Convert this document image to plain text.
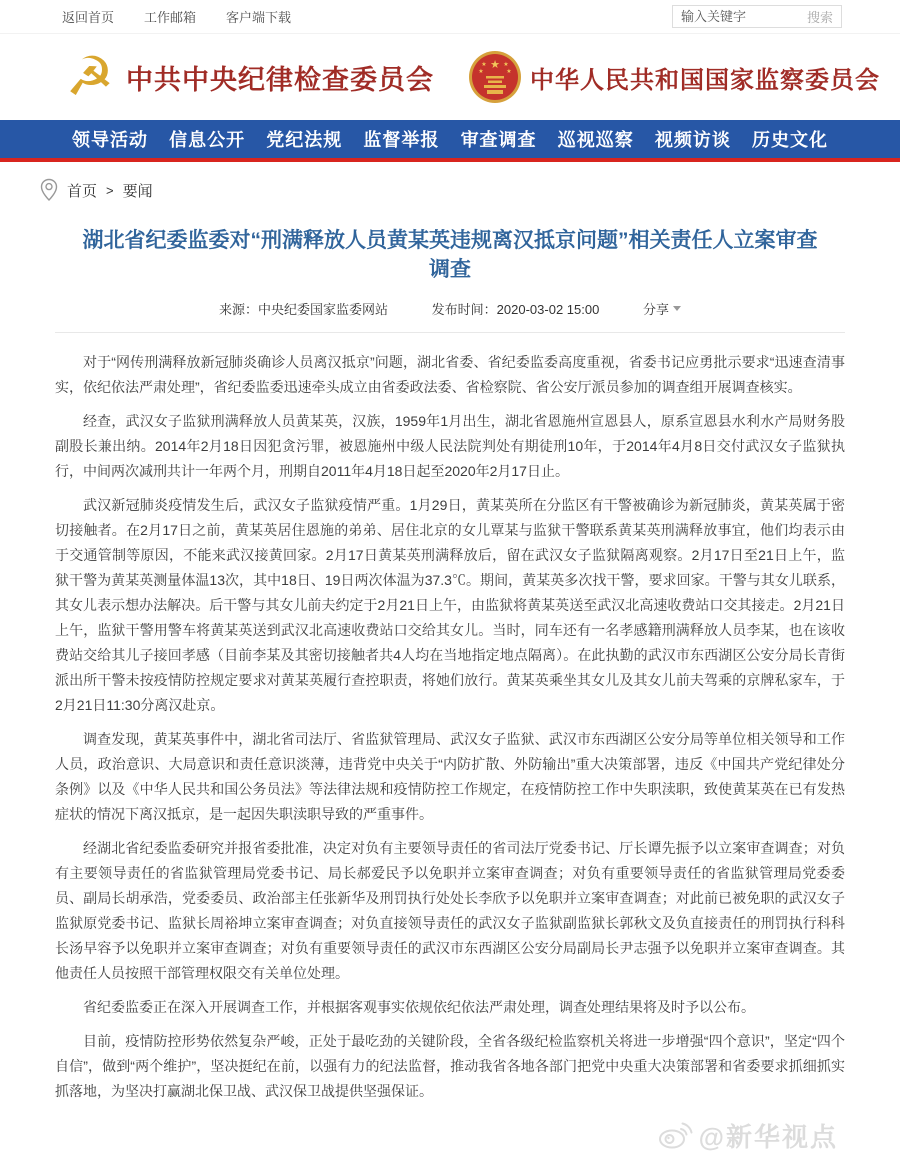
返回首页 工作邮箱 客户端下载
输入关键字	搜索
☭ 中共中央纪律检查委员会	★
★	★
★	★ 中华人民共和国国家监察委员会
领导活动 信息公开 党纪法规 监督举报 审查调查 巡视巡察 视频访谈 历史文化
首页 > 要闻
湖北省纪委监委对“刑满释放人员黄某英违规离汉抵京问题”相关责任人立案审查调查
来源：中央纪委国家监委网站	发布时间：2020-03-02 15:00	分享

对于“网传刑满释放新冠肺炎确诊人员离汉抵京”问题，湖北省委、省纪委监委高度重视，省委书记应勇批示要求“迅速查清事实，依纪依法严肃处理”，省纪委监委迅速牵头成立由省委政法委、省检察院、省公安厅派员参加的调查组开展调查核实。

经查，武汉女子监狱刑满释放人员黄某英，汉族，1959年1月出生，湖北省恩施州宣恩县人，原系宣恩县水利水产局财务股副股长兼出纳。2014年2月18日因犯贪污罪，被恩施州中级人民法院判处有期徒刑10年，于2014年4月8日交付武汉女子监狱执行，中间两次减刑共计一年两个月，刑期自2011年4月18日起至2020年2月17日止。

武汉新冠肺炎疫情发生后，武汉女子监狱疫情严重。1月29日，黄某英所在分监区有干警被确诊为新冠肺炎，黄某英属于密切接触者。在2月17日之前，黄某英居住恩施的弟弟、居住北京的女儿覃某与监狱干警联系黄某英刑满释放事宜，他们均表示由于交通管制等原因，不能来武汉接黄回家。2月17日黄某英刑满释放后，留在武汉女子监狱隔离观察。2月17日至21日上午，监狱干警为黄某英测量体温13次，其中18日、19日两次体温为37.3℃。期间，黄某英多次找干警，要求回家。干警与其女儿联系，其女儿表示想办法解决。后干警与其女儿前夫约定于2月21日上午，由监狱将黄某英送至武汉北高速收费站口交其接走。2月21日上午，监狱干警用警车将黄某英送到武汉北高速收费站口交给其女儿。当时，同车还有一名孝感籍刑满释放人员李某，也在该收费站交给其儿子接回孝感（目前李某及其密切接触者共4人均在当地指定地点隔离）。在此执勤的武汉市东西湖区公安分局长青街派出所干警未按疫情防控规定要求对黄某英履行查控职责，将她们放行。黄某英乘坐其女儿及其女儿前夫驾乘的京牌私家车，于2月21日11:30分离汉赴京。

调查发现，黄某英事件中，湖北省司法厅、省监狱管理局、武汉女子监狱、武汉市东西湖区公安分局等单位相关领导和工作人员，政治意识、大局意识和责任意识淡薄，违背党中央关于“内防扩散、外防输出”重大决策部署，违反《中国共产党纪律处分条例》以及《中华人民共和国公务员法》等法律法规和疫情防控工作规定，在疫情防控工作中失职渎职，致使黄某英在已有发热症状的情况下离汉抵京，是一起因失职渎职导致的严重事件。

经湖北省纪委监委研究并报省委批准，决定对负有主要领导责任的省司法厅党委书记、厅长谭先振予以立案审查调查；对负有主要领导责任的省监狱管理局党委书记、局长郝爱民予以免职并立案审查调查；对负有重要领导责任的省监狱管理局党委委员、副局长胡承浩，党委委员、政治部主任张新华及刑罚执行处处长李欣予以免职并立案审查调查；对此前已被免职的武汉女子监狱原党委书记、监狱长周裕坤立案审查调查；对负直接领导责任的武汉女子监狱副监狱长郭秋文及负直接责任的刑罚执行科科长汤早容予以免职并立案审查调查；对负有重要领导责任的武汉市东西湖区公安分局副局长尹志强予以免职并立案审查调查。其他责任人员按照干部管理权限交有关单位处理。

省纪委监委正在深入开展调查工作，并根据客观事实依规依纪依法严肃处理，调查处理结果将及时予以公布。

目前，疫情防控形势依然复杂严峻，正处于最吃劲的关键阶段，全省各级纪检监察机关将进一步增强“四个意识”，坚定“四个自信”，做到“两个维护”，坚决挺纪在前，以强有力的纪法监督，推动我省各地各部门把党中央重大决策部署和省委要求抓细抓实抓落地，为坚决打赢湖北保卫战、武汉保卫战提供坚强保证。

@新华视点
